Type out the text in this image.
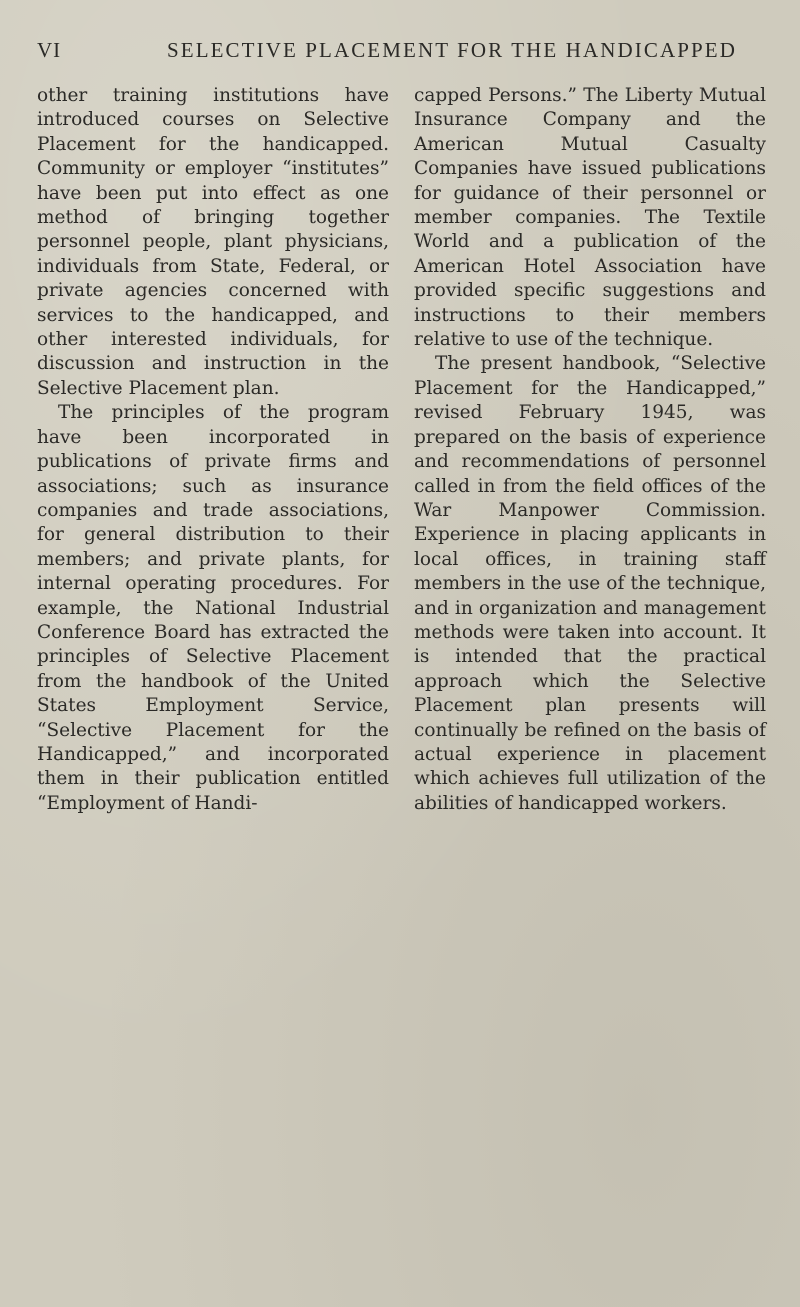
VI	SELECTIVE PLACEMENT FOR THE HANDICAPPED

other training institutions have introduced courses on Selective Placement for the handicapped. Community or employer “institutes” have been put into effect as one method of bringing together personnel people, plant physicians, individuals from State, Federal, or private agencies concerned with services to the handicapped, and other interested individuals, for discussion and instruction in the Selective Placement plan.

The principles of the program have been incorporated in publications of private firms and associations; such as insurance companies and trade associations, for general distribution to their members; and private plants, for internal operating procedures. For example, the National Industrial Conference Board has extracted the principles of Selective Placement from the handbook of the United States Employment Service, “Selective Placement for the Handicapped,” and incorporated them in their publication entitled “Employment of Handi-

capped Persons.” The Liberty Mutual Insurance Company and the American Mutual Casualty Companies have issued publications for guidance of their personnel or member companies. The Textile World and a publication of the American Hotel Association have provided specific suggestions and instructions to their members relative to use of the technique.

The present handbook, “Selective Placement for the Handicapped,” revised February 1945, was prepared on the basis of experience and recommendations of personnel called in from the field offices of the War Manpower Commission. Experience in placing applicants in local offices, in training staff members in the use of the technique, and in organization and management methods were taken into account. It is intended that the practical approach which the Selective Placement plan presents will continually be refined on the basis of actual experience in placement which achieves full utilization of the abilities of handicapped workers.
